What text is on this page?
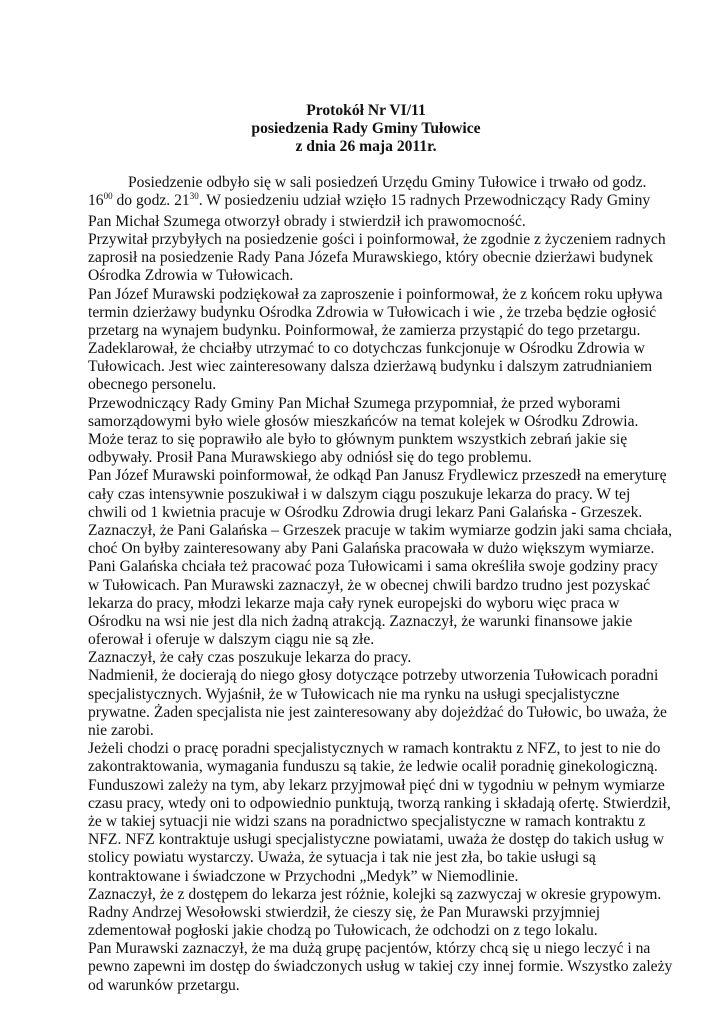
Protokół Nr VI/11
posiedzenia Rady Gminy Tułowice
z dnia 26 maja 2011r.
Posiedzenie odbyło się w sali posiedzeń Urzędu Gminy Tułowice i trwało od godz.
$16^{00}$ do godz. $21^{30}$. W posiedzeniu udział wzięło 15 radnych Przewodniczący Rady Gminy
Pan Michał Szumega otworzył obrady i stwierdził ich prawomocność.
Przywitał przybyłych na posiedzenie gości i poinformował, że zgodnie z życzeniem radnych
zaprosił na posiedzenie Rady Pana Józefa Murawskiego, który obecnie dzierżawi budynek
Ośrodka Zdrowia w Tułowicach.
Pan Józef Murawski podziękował za zaproszenie i poinformował, że z końcem roku upływa
termin dzierżawy budynku Ośrodka Zdrowia w Tułowicach i wie , że trzeba będzie ogłosić
przetarg na wynajem budynku. Poinformował, że zamierza przystąpić do tego przetargu.
Zadeklarował, że chciałby utrzymać to co dotychczas funkcjonuje w Ośrodku Zdrowia w
Tułowicach. Jest wiec zainteresowany dalsza dzierżawą budynku i dalszym zatrudnianiem
obecnego personelu.
Przewodniczący Rady Gminy Pan Michał Szumega przypomniał, że przed wyborami
samorządowymi było wiele głosów mieszkańców na temat kolejek w Ośrodku Zdrowia.
Może teraz to się poprawiło ale było to głównym punktem wszystkich zebrań jakie się
odbywały. Prosił Pana Murawskiego aby odniósł się do tego problemu.
Pan Józef Murawski poinformował, że odkąd Pan Janusz Frydlewicz przeszedł na emeryturę
cały czas intensywnie poszukiwał i w dalszym ciągu poszukuje lekarza do pracy. W tej
chwili od 1 kwietnia pracuje w Ośrodku Zdrowia drugi lekarz Pani Galańska - Grzeszek.
Zaznaczył, że Pani Galańska – Grzeszek pracuje w takim wymiarze godzin jaki sama chciała,
choć On byłby zainteresowany aby Pani Galańska pracowała w dużo większym wymiarze.
Pani Galańska chciała też pracować poza Tułowicami i sama określiła swoje godziny pracy
w Tułowicach. Pan Murawski zaznaczył, że w obecnej chwili bardzo trudno jest pozyskać
lekarza do pracy, młodzi lekarze maja cały rynek europejski do wyboru więc praca w
Ośrodku na wsi nie jest dla nich żadną atrakcją. Zaznaczył, że warunki finansowe jakie
oferował i oferuje w dalszym ciągu nie są złe.
Zaznaczył, że cały czas poszukuje lekarza do pracy.
Nadmienił, że docierają do niego głosy dotyczące potrzeby utworzenia Tułowicach poradni
specjalistycznych. Wyjaśnił, że w Tułowicach nie ma rynku na usługi specjalistyczne
prywatne. Żaden specjalista nie jest zainteresowany aby dojeżdżać do Tułowic, bo uważa, że
nie zarobi.
Jeżeli chodzi o pracę poradni specjalistycznych w ramach kontraktu z NFZ, to jest to nie do
zakontraktowania, wymagania funduszu są takie, że ledwie ocalił poradnię ginekologiczną.
Funduszowi zależy na tym, aby lekarz przyjmował pięć dni w tygodniu w pełnym wymiarze
czasu pracy, wtedy oni to odpowiednio punktują, tworzą ranking i składają ofertę. Stwierdził,
że w takiej sytuacji nie widzi szans na poradnictwo specjalistyczne w ramach kontraktu z
NFZ. NFZ kontraktuje usługi specjalistyczne powiatami, uważa że dostęp do takich usług w
stolicy powiatu wystarczy. Uważa, że sytuacja i tak nie jest zła, bo takie usługi są
kontraktowane i świadczone w Przychodni „Medyk” w Niemodlinie.
Zaznaczył, że z dostępem do lekarza jest różnie, kolejki są zazwyczaj w okresie grypowym.
Radny Andrzej Wesołowski stwierdził, że cieszy się, że Pan Murawski przyjmniej
zdementował pogłoski jakie chodzą po Tułowicach, że odchodzi on z tego lokalu.
Pan Murawski zaznaczył, że ma dużą grupę pacjentów, którzy chcą się u niego leczyć i na
pewno zapewni im dostęp do świadczonych usług w takiej czy innej formie. Wszystko zależy
od warunków przetargu.
